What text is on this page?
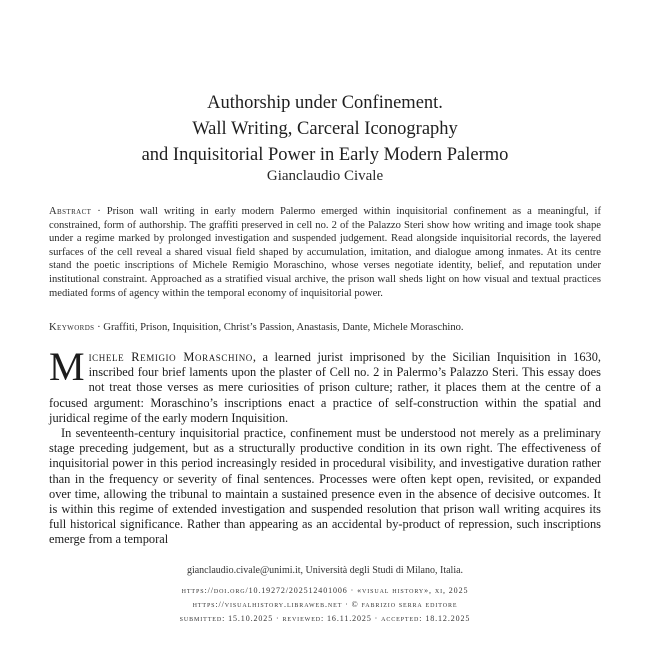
Authorship under Confinement.
Wall Writing, Carceral Iconography
and Inquisitorial Power in Early Modern Palermo
Gianclaudio Civale
Abstract · Prison wall writing in early modern Palermo emerged within inquisitorial confinement as a meaningful, if constrained, form of authorship. The graffiti preserved in cell no. 2 of the Palazzo Steri show how writing and image took shape under a regime marked by prolonged investigation and suspended judgement. Read alongside inquisitorial records, the layered surfaces of the cell reveal a shared visual field shaped by accumulation, imitation, and dialogue among inmates. At its centre stand the poetic inscriptions of Michele Remigio Moraschino, whose verses negotiate identity, belief, and reputation under institutional constraint. Approached as a stratified visual archive, the prison wall sheds light on how visual and textual practices mediated forms of agency within the temporal economy of inquisitorial power.
Keywords · Graffiti, Prison, Inquisition, Christ’s Passion, Anastasis, Dante, Michele Moraschino.

Michele Remigio Moraschino, a learned jurist imprisoned by the Sicilian Inquisition in 1630, inscribed four brief laments upon the plaster of Cell no. 2 in Palermo’s Palazzo Steri. This essay does not treat those verses as mere curiosities of prison culture; rather, it places them at the centre of a focused argument: Moraschino’s inscriptions enact a practice of self-construction within the spatial and juridical regime of the early modern Inquisition.

In seventeenth-century inquisitorial practice, confinement must be understood not merely as a preliminary stage preceding judgement, but as a structurally productive condition in its own right. The effectiveness of inquisitorial power in this period increasingly resided in procedural visibility, and investigative duration rather than in the frequency or severity of final sentences. Processes were often kept open, revisited, or expanded over time, allowing the tribunal to maintain a sustained presence even in the absence of decisive outcomes. It is within this regime of extended investigation and suspended resolution that prison wall writing acquires its full historical significance. Rather than appearing as an accidental by-product of repression, such inscriptions emerge from a temporal

gianclaudio.civale@unimi.it, Università degli Studi di Milano, Italia.
https://doi.org/10.19272/202512401006 · «visual history», xi, 2025
https://visualhistory.libraweb.net · © fabrizio serra editore
submitted: 15.10.2025 · reviewed: 16.11.2025 · accepted: 18.12.2025
